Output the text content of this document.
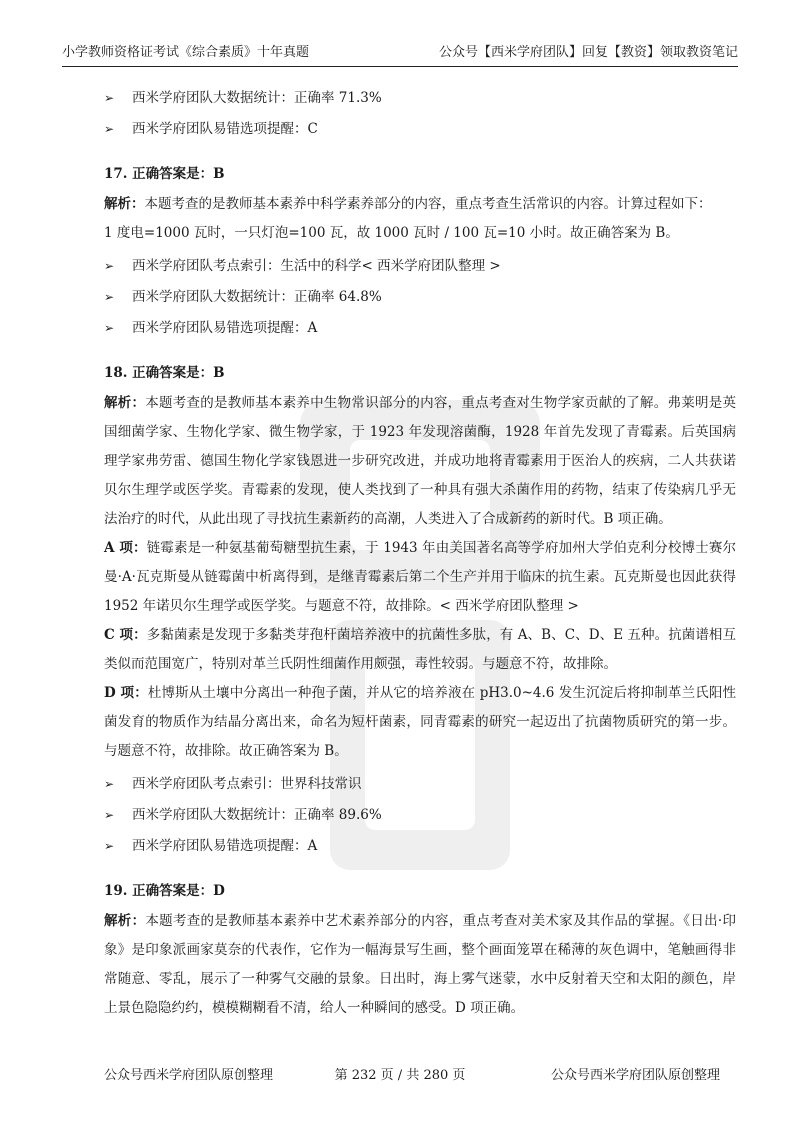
小学教师资格证考试《综合素质》十年真题	公众号【西米学府团队】回复【教资】领取教资笔记
➢ 西米学府团队大数据统计：正确率 71.3%
➢ 西米学府团队易错选项提醒：C
17. 正确答案是：B
解析：本题考查的是教师基本素养中科学素养部分的内容，重点考查生活常识的内容。计算过程如下：
1 度电=1000 瓦时，一只灯泡=100 瓦，故 1000 瓦时 / 100 瓦=10 小时。故正确答案为 B。
➢ 西米学府团队考点索引：生活中的科学< 西米学府团队整理 >
➢ 西米学府团队大数据统计：正确率 64.8%
➢ 西米学府团队易错选项提醒：A
18. 正确答案是：B
解析：本题考查的是教师基本素养中生物常识部分的内容，重点考查对生物学家贡献的了解。弗莱明是英国细菌学家、生物化学家、微生物学家，于 1923 年发现溶菌酶，1928 年首先发现了青霉素。后英国病理学家弗劳雷、德国生物化学家钱恩进一步研究改进，并成功地将青霉素用于医治人的疾病，二人共获诺贝尔生理学或医学奖。青霉素的发现，使人类找到了一种具有强大杀菌作用的药物，结束了传染病几乎无法治疗的时代，从此出现了寻找抗生素新药的高潮，人类进入了合成新药的新时代。B 项正确。
A 项：链霉素是一种氨基葡萄糖型抗生素，于 1943 年由美国著名高等学府加州大学伯克利分校博士赛尔曼·A·瓦克斯曼从链霉菌中析离得到，是继青霉素后第二个生产并用于临床的抗生素。瓦克斯曼也因此获得 1952 年诺贝尔生理学或医学奖。与题意不符，故排除。< 西米学府团队整理 >
C 项：多黏菌素是发现于多黏类芽孢杆菌培养液中的抗菌性多肽，有 A、B、C、D、E 五种。抗菌谱相互类似而范围宽广，特别对革兰氏阴性细菌作用颇强，毒性较弱。与题意不符，故排除。
D 项：杜博斯从土壤中分离出一种孢子菌，并从它的培养液在 pH3.0~4.6 发生沉淀后将抑制革兰氏阳性菌发育的物质作为结晶分离出来，命名为短杆菌素，同青霉素的研究一起迈出了抗菌物质研究的第一步。与题意不符，故排除。故正确答案为 B。
➢ 西米学府团队考点索引：世界科技常识
➢ 西米学府团队大数据统计：正确率 89.6%
➢ 西米学府团队易错选项提醒：A
19. 正确答案是：D
解析：本题考查的是教师基本素养中艺术素养部分的内容，重点考查对美术家及其作品的掌握。《日出·印象》是印象派画家莫奈的代表作，它作为一幅海景写生画，整个画面笼罩在稀薄的灰色调中，笔触画得非常随意、零乱，展示了一种雾气交融的景象。日出时，海上雾气迷蒙，水中反射着天空和太阳的颜色，岸上景色隐隐约约，模模糊糊看不清，给人一种瞬间的感受。D 项正确。
公众号西米学府团队原创整理	第 232 页 / 共 280 页	公众号西米学府团队原创整理
